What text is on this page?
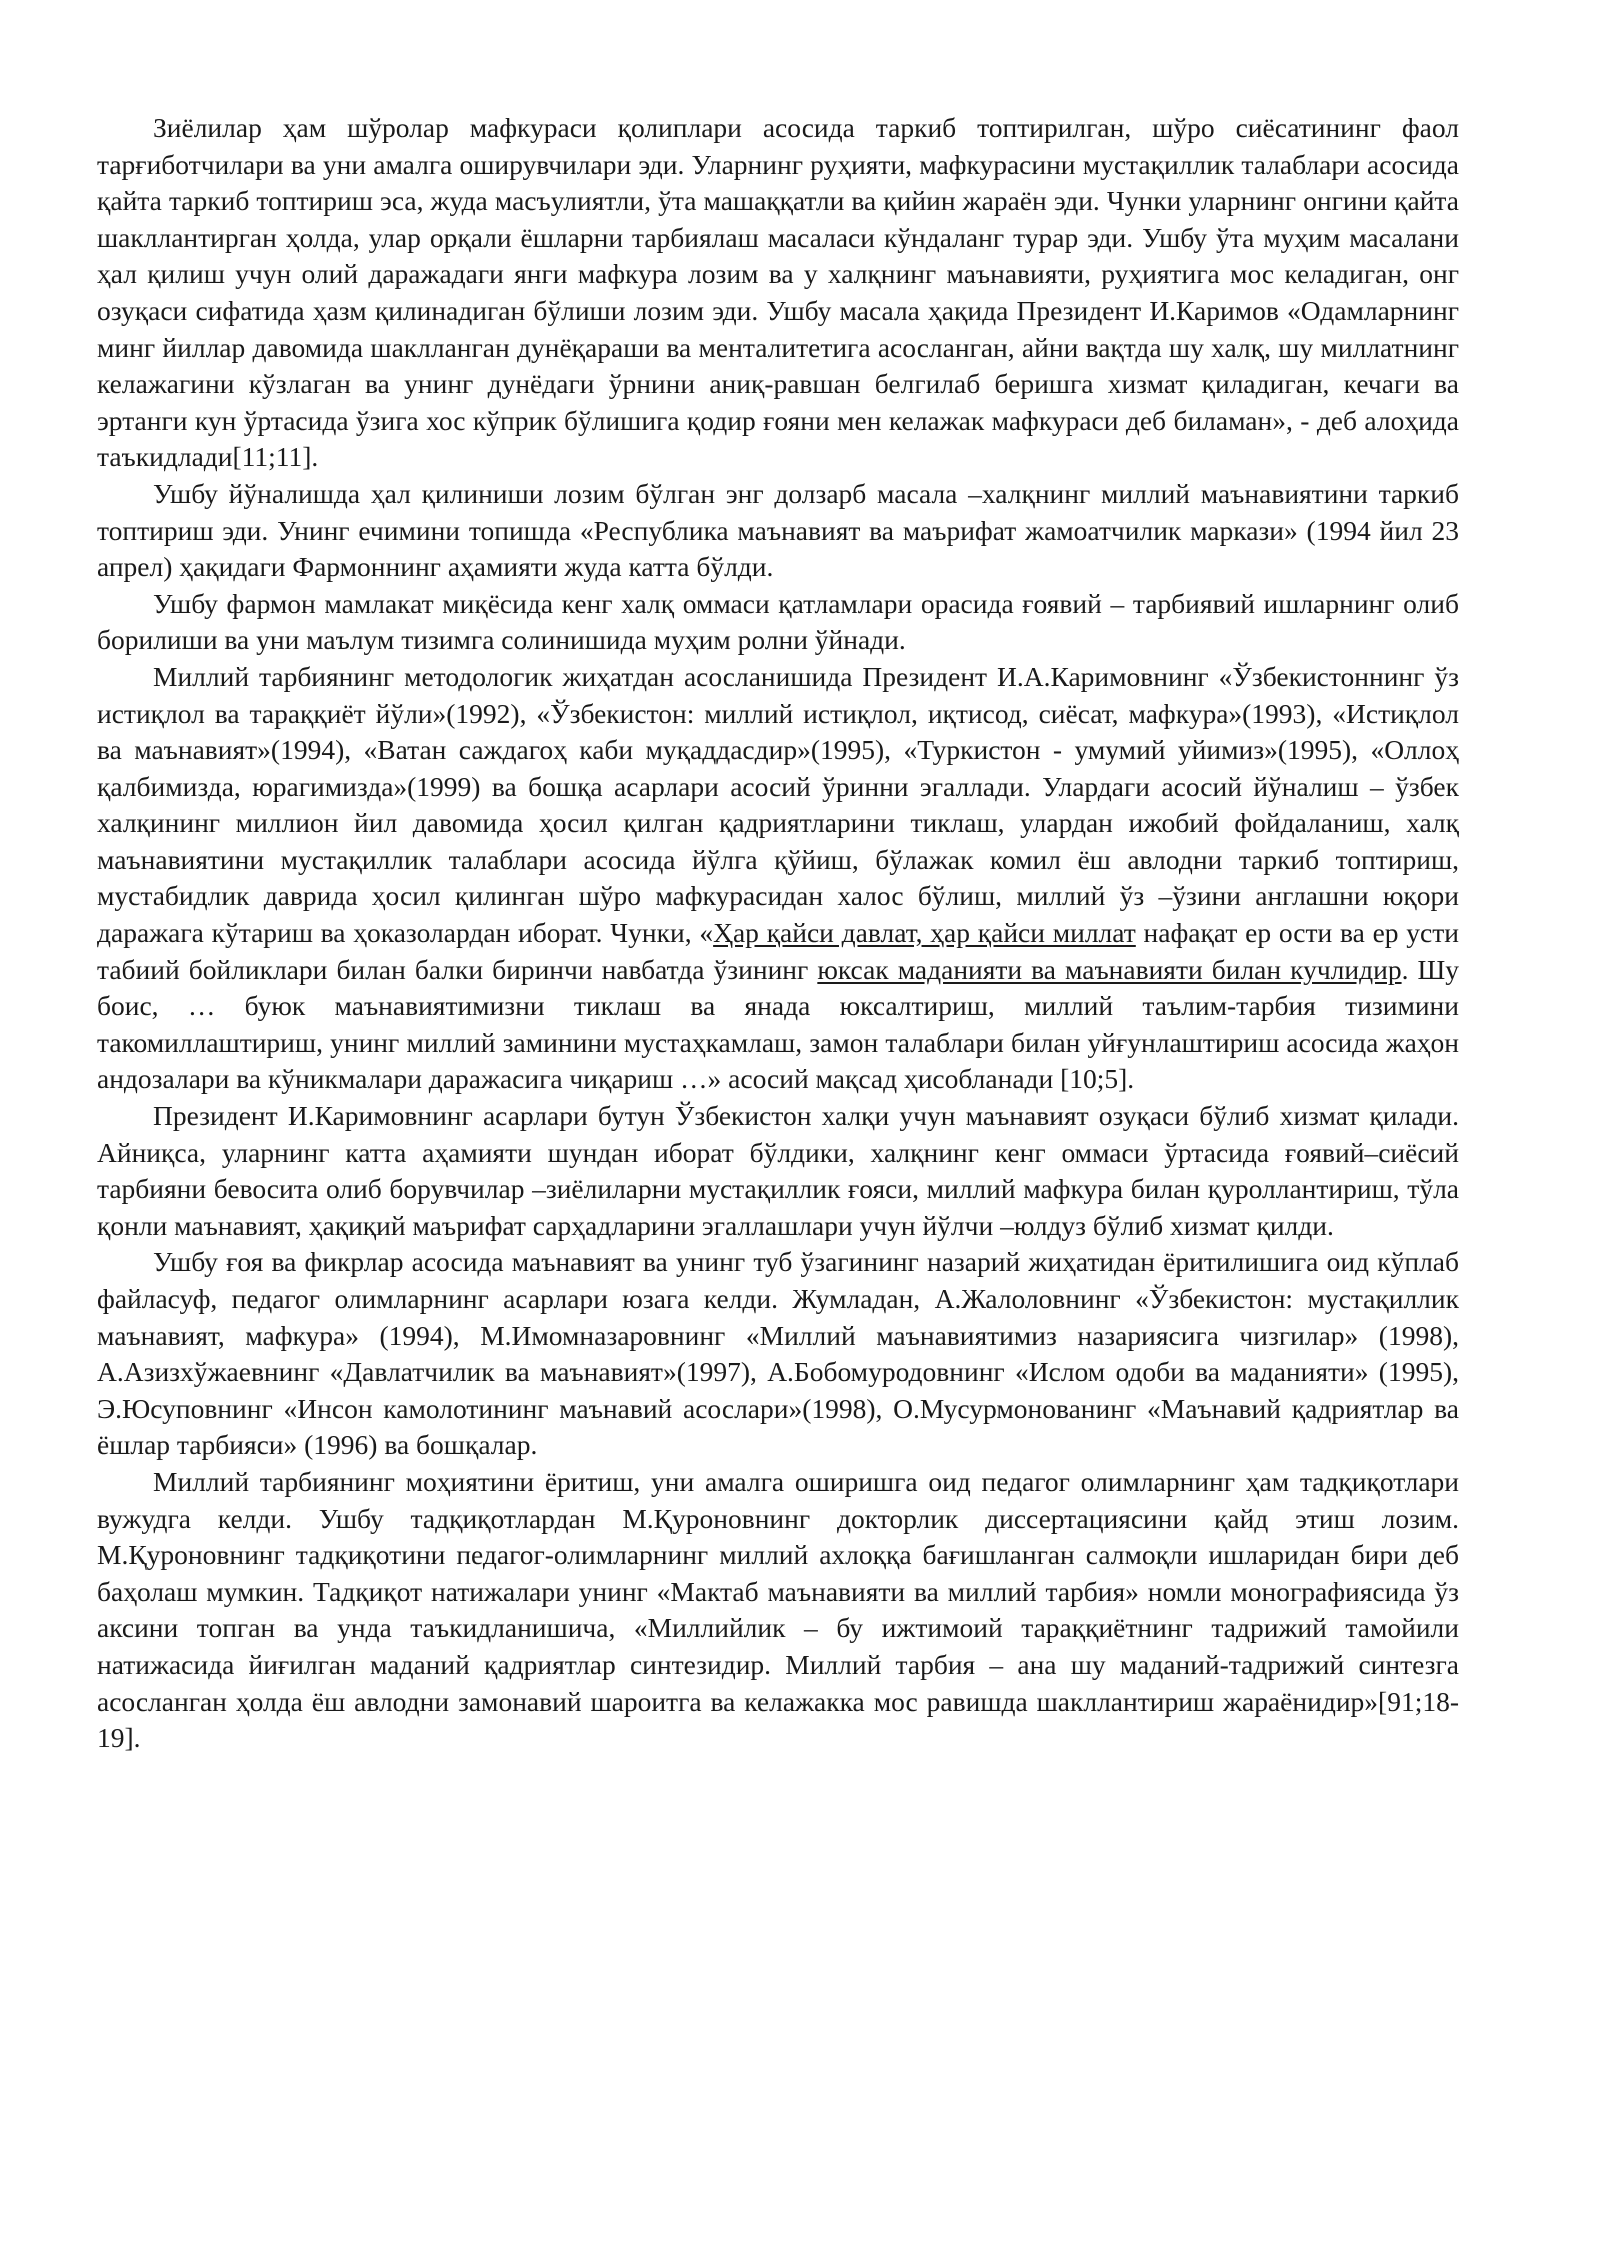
Зиёлилар ҳам шўролар мафкураси қолиплари асосида таркиб топтирилган, шўро сиёсатининг фаол тарғиботчилари ва уни амалга оширувчилари эди. Уларнинг руҳияти, мафкурасини мустақиллик талаблари асосида қайта таркиб топтириш эса, жуда масъулиятли, ўта машаққатли ва қийин жараён эди. Чунки уларнинг онгини қайта шакллантирган ҳолда, улар орқали ёшларни тарбиялаш масаласи кўндаланг турар эди. Ушбу ўта муҳим масалани ҳал қилиш учун олий даражадаги янги мафкура лозим ва у халқнинг маънавияти, руҳиятига мос келадиган, онг озуқаси сифатида ҳазм қилинадиган бўлиши лозим эди. Ушбу масала ҳақида Президент И.Каримов «Одамларнинг минг йиллар давомида шаклланган дунёқараши ва менталитетига асосланган, айни вақтда шу халқ, шу миллатнинг келажагини кўзлаган ва унинг дунёдаги ўрнини аниқ-равшан белгилаб беришга хизмат қиладиган, кечаги ва эртанги кун ўртасида ўзига хос кўприк бўлишига қодир ғояни мен келажак мафкураси деб биламан», - деб алоҳида таъкидлади[11;11].

Ушбу йўналишда ҳал қилиниши лозим бўлган энг долзарб масала –халқнинг миллий маънавиятини таркиб топтириш эди. Унинг ечимини топишда «Республика маънавият ва маърифат жамоатчилик маркази» (1994 йил 23 апрел) ҳақидаги Фармоннинг аҳамияти жуда катта бўлди.

Ушбу фармон мамлакат миқёсида кенг халқ оммаси қатламлари орасида ғоявий – тарбиявий ишларнинг олиб борилиши ва уни маълум тизимга солинишида муҳим ролни ўйнади.

Миллий тарбиянинг методологик жиҳатдан асосланишида Президент И.А.Каримовнинг «Ўзбекистоннинг ўз истиқлол ва тараққиёт йўли»(1992), «Ўзбекистон: миллий истиқлол, иқтисод, сиёсат, мафкура»(1993), «Истиқлол ва маънавият»(1994), «Ватан саждагоҳ каби муқаддасдир»(1995), «Туркистон - умумий уйимиз»(1995), «Оллоҳ қалбимизда, юрагимизда»(1999) ва бошқа асарлари асосий ўринни эгаллади. Улардаги асосий йўналиш – ўзбек халқининг миллион йил давомида ҳосил қилган қадриятларини тиклаш, улардан ижобий фойдаланиш, халқ маънавиятини мустақиллик талаблари асосида йўлга қўйиш, бўлажак комил ёш авлодни таркиб топтириш, мустабидлик даврида ҳосил қилинган шўро мафкурасидан халос бўлиш, миллий ўз –ўзини англашни юқори даражага кўтариш ва ҳоказолардан иборат. Чунки, «Ҳар қайси давлат, ҳар қайси миллат нафақат ер ости ва ер усти табиий бойликлари билан балки биринчи навбатда ўзининг юксак маданияти ва маънавияти билан кучлидир. Шу боис, … буюк маънавиятимизни тиклаш ва янада юксалтириш, миллий таълим-тарбия тизимини такомиллаштириш, унинг миллий заминини мустаҳкамлаш, замон талаблари билан уйғунлаштириш асосида жаҳон андозалари ва кўникмалари даражасига чиқариш …» асосий мақсад ҳисобланади [10;5].

Президент И.Каримовнинг асарлари бутун Ўзбекистон халқи учун маънавият озуқаси бўлиб хизмат қилади. Айниқса, уларнинг катта аҳамияти шундан иборат бўлдики, халқнинг кенг оммаси ўртасида ғоявий–сиёсий тарбияни бевосита олиб борувчилар –зиёлиларни мустақиллик ғояси, миллий мафкура билан қуроллантириш, тўла қонли маънавият, ҳақиқий маърифат сарҳадларини эгаллашлари учун йўлчи –юлдуз бўлиб хизмат қилди.

Ушбу ғоя ва фикрлар асосида маънавият ва унинг туб ўзагининг назарий жиҳатидан ёритилишига оид кўплаб файласуф, педагог олимларнинг асарлари юзага келди. Жумладан, А.Жалоловнинг «Ўзбекистон: мустақиллик маънавият, мафкура» (1994), М.Имомназаровнинг «Миллий маънавиятимиз назариясига чизгилар» (1998), А.Азизхўжаевнинг «Давлатчилик ва маънавият»(1997), А.Бобомуродовнинг «Ислом одоби ва маданияти» (1995), Э.Юсуповнинг «Инсон камолотининг маънавий асослари»(1998), О.Мусурмонованинг «Маънавий қадриятлар ва ёшлар тарбияси» (1996) ва бошқалар.

Миллий тарбиянинг моҳиятини ёритиш, уни амалга оширишга оид педагог олимларнинг ҳам тадқиқотлари вужудга келди. Ушбу тадқиқотлардан М.Қуроновнинг докторлик диссертациясини қайд этиш лозим. М.Қуроновнинг тадқиқотини педагог-олимларнинг миллий ахлоққа бағишланган салмоқли ишларидан бири деб баҳолаш мумкин. Тадқиқот натижалари унинг «Мактаб маънавияти ва миллий тарбия» номли монографиясида ўз аксини топган ва унда таъкидланишича, «Миллийлик – бу ижтимоий тараққиётнинг тадрижий тамойили натижасида йиғилган маданий қадриятлар синтезидир. Миллий тарбия – ана шу маданий-тадрижий синтезга асосланган ҳолда ёш авлодни замонавий шароитга ва келажакка мос равишда шакллантириш жараёнидир»[91;18-19].
